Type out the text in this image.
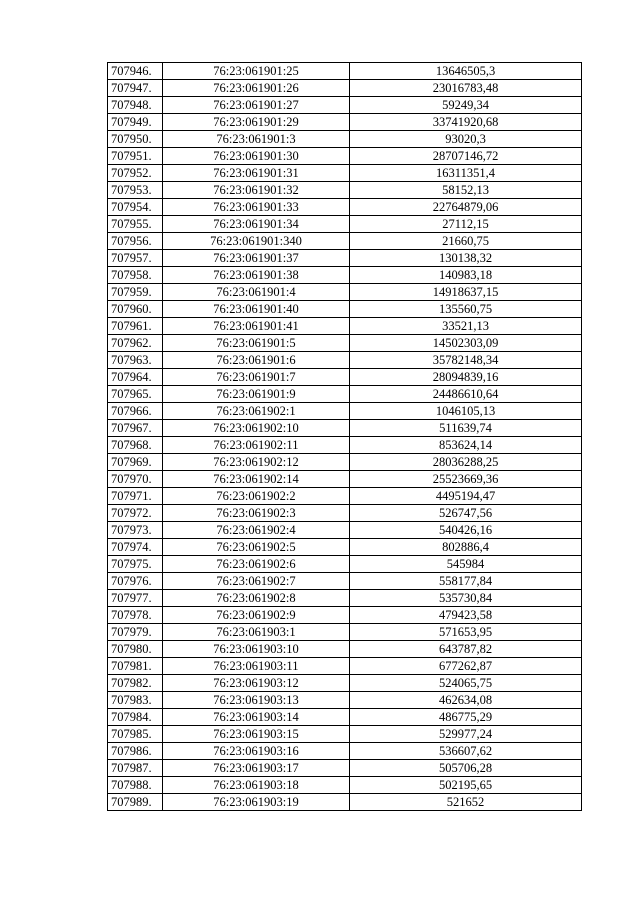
707946.	76:23:061901:25	13646505,3
707947.	76:23:061901:26	23016783,48
707948.	76:23:061901:27	59249,34
707949.	76:23:061901:29	33741920,68
707950.	76:23:061901:3	93020,3
707951.	76:23:061901:30	28707146,72
707952.	76:23:061901:31	16311351,4
707953.	76:23:061901:32	58152,13
707954.	76:23:061901:33	22764879,06
707955.	76:23:061901:34	27112,15
707956.	76:23:061901:340	21660,75
707957.	76:23:061901:37	130138,32
707958.	76:23:061901:38	140983,18
707959.	76:23:061901:4	14918637,15
707960.	76:23:061901:40	135560,75
707961.	76:23:061901:41	33521,13
707962.	76:23:061901:5	14502303,09
707963.	76:23:061901:6	35782148,34
707964.	76:23:061901:7	28094839,16
707965.	76:23:061901:9	24486610,64
707966.	76:23:061902:1	1046105,13
707967.	76:23:061902:10	511639,74
707968.	76:23:061902:11	853624,14
707969.	76:23:061902:12	28036288,25
707970.	76:23:061902:14	25523669,36
707971.	76:23:061902:2	4495194,47
707972.	76:23:061902:3	526747,56
707973.	76:23:061902:4	540426,16
707974.	76:23:061902:5	802886,4
707975.	76:23:061902:6	545984
707976.	76:23:061902:7	558177,84
707977.	76:23:061902:8	535730,84
707978.	76:23:061902:9	479423,58
707979.	76:23:061903:1	571653,95
707980.	76:23:061903:10	643787,82
707981.	76:23:061903:11	677262,87
707982.	76:23:061903:12	524065,75
707983.	76:23:061903:13	462634,08
707984.	76:23:061903:14	486775,29
707985.	76:23:061903:15	529977,24
707986.	76:23:061903:16	536607,62
707987.	76:23:061903:17	505706,28
707988.	76:23:061903:18	502195,65
707989.	76:23:061903:19	521652
